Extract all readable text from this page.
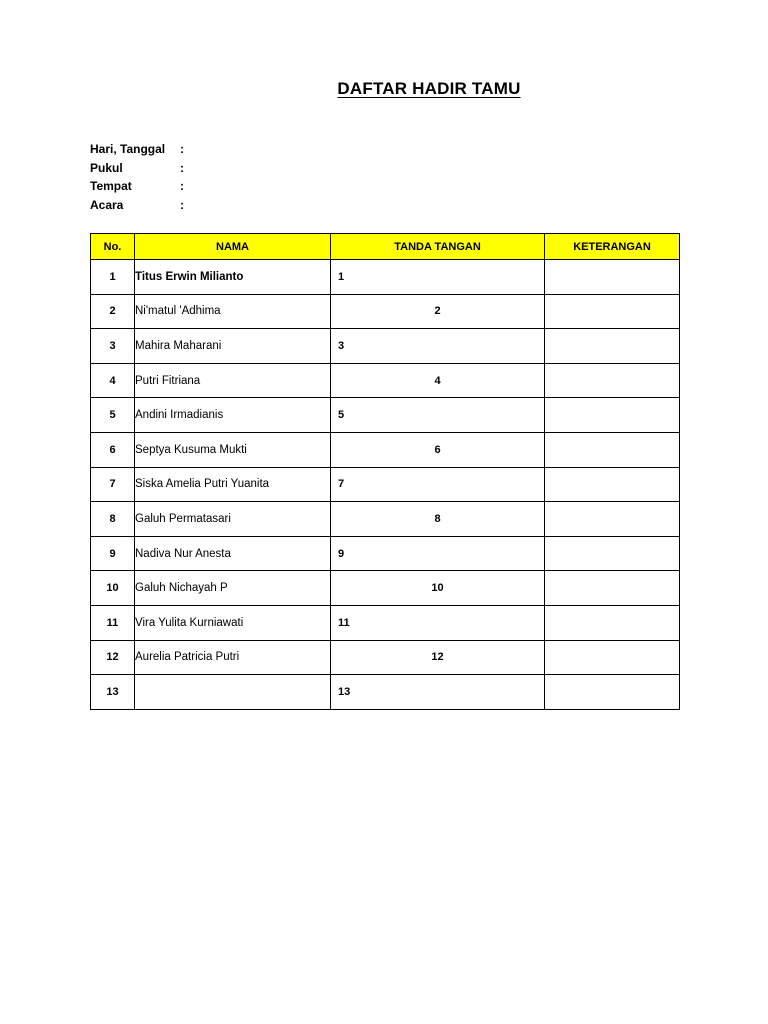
DAFTAR HADIR TAMU
Hari, Tanggal	:
Pukul	:
Tempat	:
Acara	:
No.	NAMA	TANDA TANGAN	KETERANGAN
1	Titus Erwin Milianto	1	
2	Ni'matul 'Adhima	2	
3	Mahira Maharani	3	
4	Putri Fitriana	4	
5	Andini Irmadianis	5	
6	Septya Kusuma Mukti	6	
7	Siska Amelia Putri Yuanita	7	
8	Galuh Permatasari	8	
9	Nadiva Nur Anesta	9	
10	Galuh Nichayah P	10	
11	Vira Yulita Kurniawati	11	
12	Aurelia Patricia Putri	12	
13		13	
